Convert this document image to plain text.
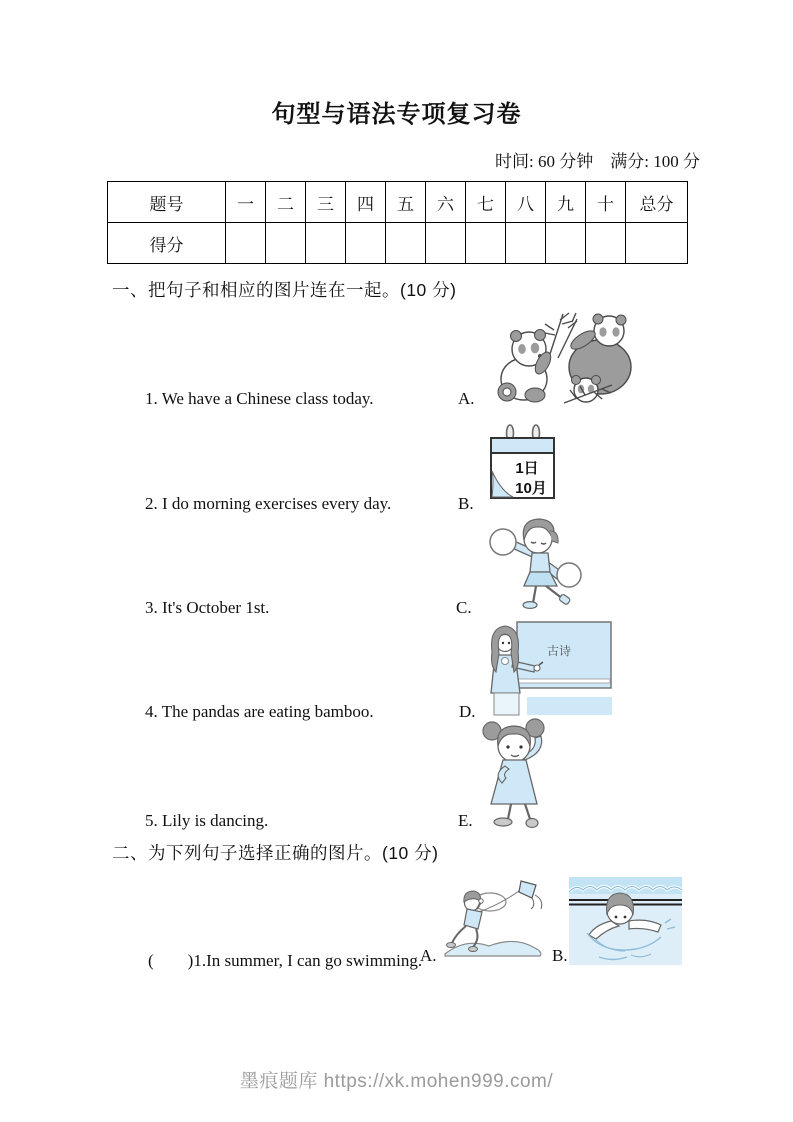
句型与语法专项复习卷
时间: 60 分钟　满分: 100 分
题号	一	二	三	四	五	六	七	八	九	十	总分
得分											
一、把句子和相应的图片连在一起。(10 分)
1. We have a Chinese class today.	A.
1日
10月
2. I do morning exercises every day.	B.
3. It's October 1st.	C.
古诗
4. The pandas are eating bamboo.	D.
5. Lily is dancing.	E.
二、为下列句子选择正确的图片。(10 分)
(　　)1.In summer, I can go swimming.
A.	B.
墨痕题库 https://xk.mohen999.com/
